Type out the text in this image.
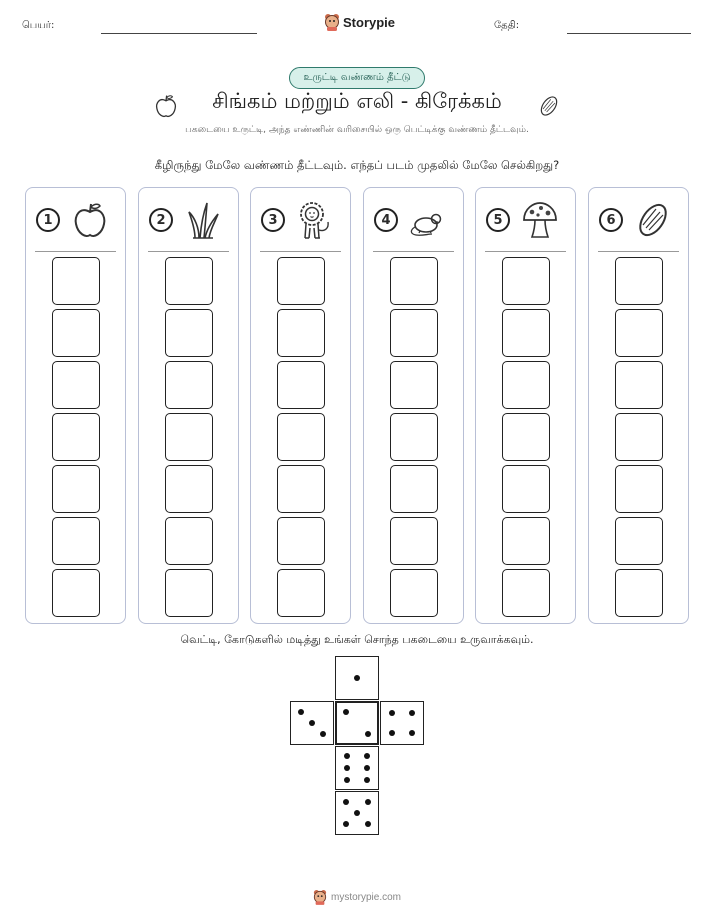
பெயர்:	Storypie	தேதி:
உருட்டி வண்ணம் தீட்டு
சிங்கம் மற்றும் எலி - கிரேக்கம்
பகடையை உருட்டி, அந்த எண்ணின் வரிசையில் ஒரு பெட்டிக்கு வண்ணம் தீட்டவும்.
கீழிருந்து மேலே வண்ணம் தீட்டவும். எந்தப் படம் முதலில் மேலே செல்கிறது?
1	2	3	4	5	6
வெட்டி, கோடுகளில் மடித்து உங்கள் சொந்த பகடையை உருவாக்கவும்.
mystorypie.com
